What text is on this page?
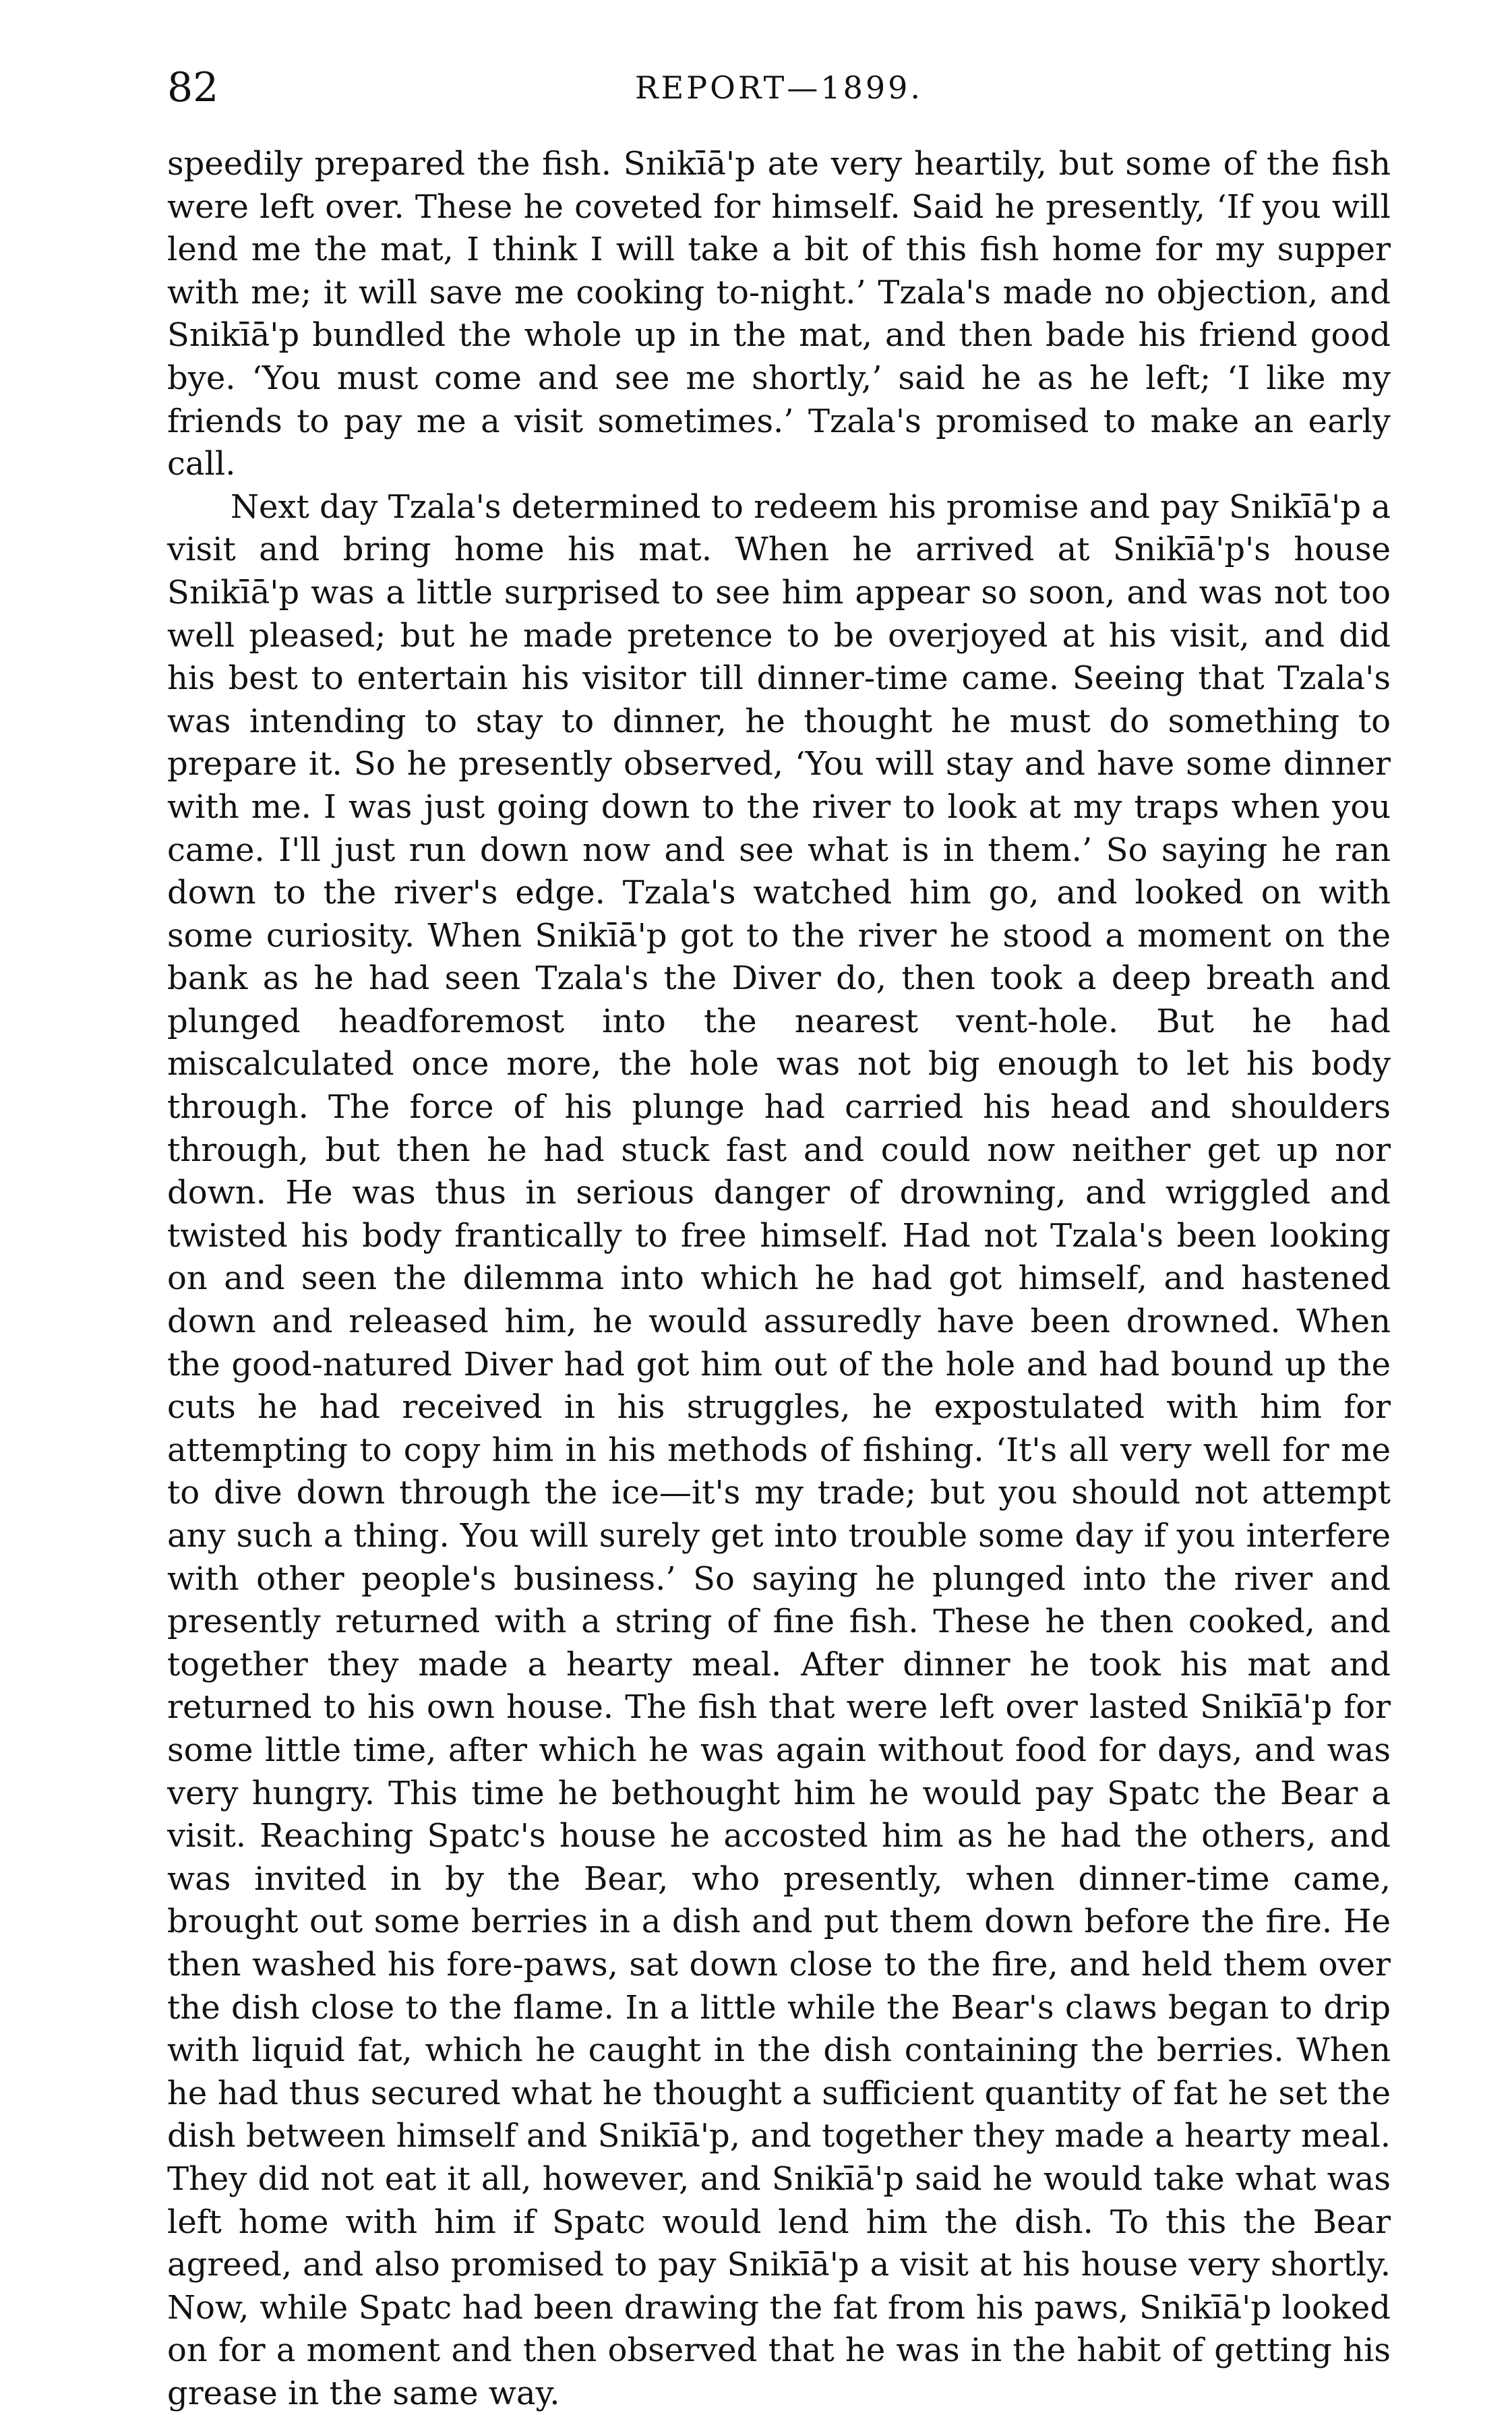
82	REPORT—1899.

speedily prepared the fish. Snikīā'p ate very heartily, but some of the fish were left over. These he coveted for himself. Said he presently, ‘If you will lend me the mat, I think I will take a bit of this fish home for my supper with me; it will save me cooking to-night.’ Tzala's made no objection, and Snikīā'p bundled the whole up in the mat, and then bade his friend good bye. ‘You must come and see me shortly,’ said he as he left; ‘I like my friends to pay me a visit sometimes.’ Tzala's promised to make an early call.

Next day Tzala's determined to redeem his promise and pay Snikīā'p a visit and bring home his mat. When he arrived at Snikīā'p's house Snikīā'p was a little surprised to see him appear so soon, and was not too well pleased; but he made pretence to be overjoyed at his visit, and did his best to entertain his visitor till dinner-time came. Seeing that Tzala's was intending to stay to dinner, he thought he must do something to prepare it. So he presently observed, ‘You will stay and have some dinner with me. I was just going down to the river to look at my traps when you came. I'll just run down now and see what is in them.’ So saying he ran down to the river's edge. Tzala's watched him go, and looked on with some curiosity. When Snikīā'p got to the river he stood a moment on the bank as he had seen Tzala's the Diver do, then took a deep breath and plunged headforemost into the nearest vent-hole. But he had miscalculated once more, the hole was not big enough to let his body through. The force of his plunge had carried his head and shoulders through, but then he had stuck fast and could now neither get up nor down. He was thus in serious danger of drowning, and wriggled and twisted his body frantically to free himself. Had not Tzala's been looking on and seen the dilemma into which he had got himself, and hastened down and released him, he would assuredly have been drowned. When the good-natured Diver had got him out of the hole and had bound up the cuts he had received in his struggles, he expostulated with him for attempting to copy him in his methods of fishing. ‘It's all very well for me to dive down through the ice—it's my trade; but you should not attempt any such a thing. You will surely get into trouble some day if you interfere with other people's business.’ So saying he plunged into the river and presently returned with a string of fine fish. These he then cooked, and together they made a hearty meal. After dinner he took his mat and returned to his own house. The fish that were left over lasted Snikīā'p for some little time, after which he was again without food for days, and was very hungry. This time he bethought him he would pay Spatc the Bear a visit. Reaching Spatc's house he accosted him as he had the others, and was invited in by the Bear, who presently, when dinner-time came, brought out some berries in a dish and put them down before the fire. He then washed his fore-paws, sat down close to the fire, and held them over the dish close to the flame. In a little while the Bear's claws began to drip with liquid fat, which he caught in the dish containing the berries. When he had thus secured what he thought a sufficient quantity of fat he set the dish between himself and Snikīā'p, and together they made a hearty meal. They did not eat it all, however, and Snikīā'p said he would take what was left home with him if Spatc would lend him the dish. To this the Bear agreed, and also promised to pay Snikīā'p a visit at his house very shortly. Now, while Spatc had been drawing the fat from his paws, Snikīā'p looked on for a moment and then observed that he was in the habit of getting his grease in the same way.
